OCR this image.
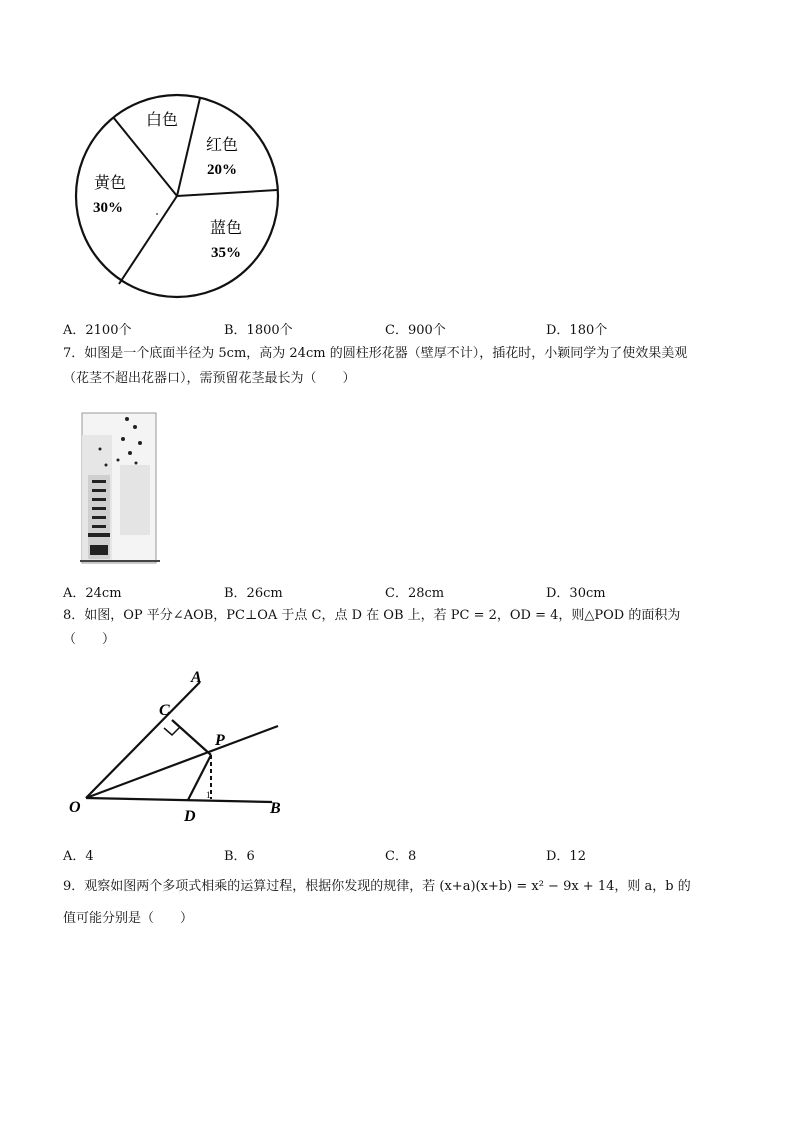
白色
红色
20%
蓝色
35%
黄色
30%
A．2100个	B．1800个	C．900个	D．180个
7．如图是一个底面半径为 5cm，高为 24cm 的圆柱形花器（壁厚不计），插花时，小颖同学为了使效果美观
（花茎不超出花器口），需预留花茎最长为（　　）
A．24cm	B．26cm	C．28cm	D．30cm
8．如图，OP 平分∠AOB，PC⊥OA 于点 C，点 D 在 OB 上，若 PC = 2，OD = 4，则△POD 的面积为
（　　）
A
C
P
O
D	B
1
A．4	B．6	C．8	D．12
9．观察如图两个多项式相乘的运算过程，根据你发现的规律，若 (x+a)(x+b) = x² − 9x + 14，则 a，b 的
值可能分别是（　　）
